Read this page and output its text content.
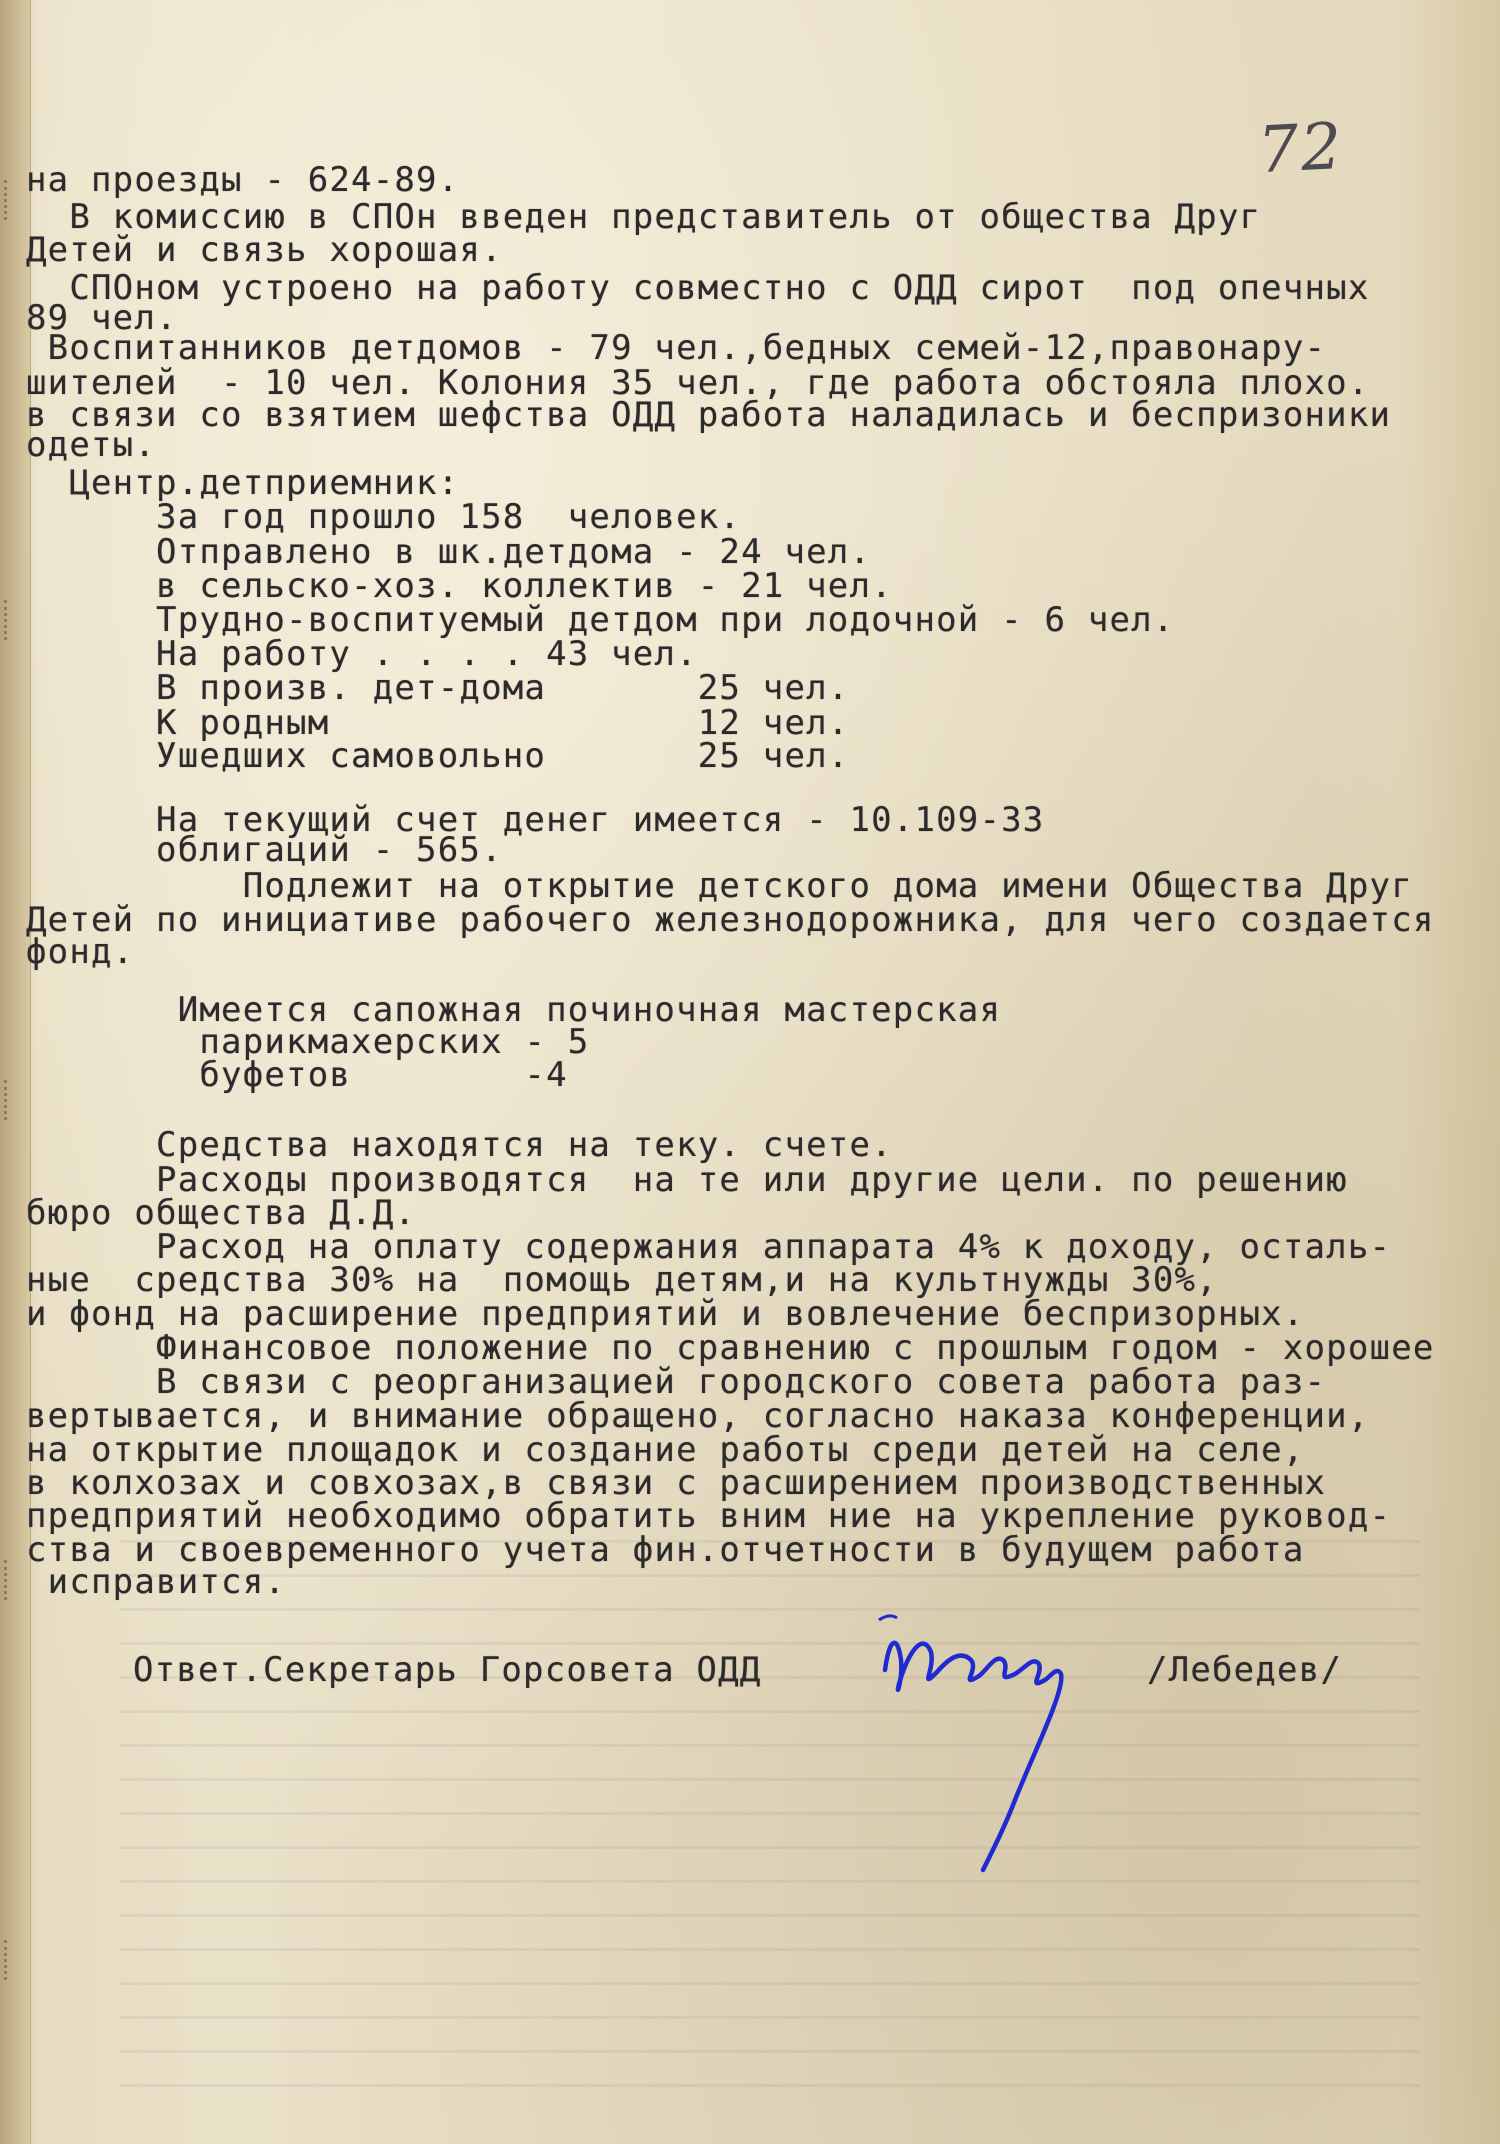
72
на проезды - 624-89.
В комиссию в СПОн введен представитель от общества Друг
Детей и связь хорошая.
СПОном устроено на работу совместно с ОДД сирот  под опечных
89 чел.
Воспитанников детдомов - 79 чел.,бедных семей-12,правонару-
шителей  - 10 чел. Колония 35 чел., где работа обстояла плохо.
в связи со взятием шефства ОДД работа наладилась и беспризоники
одеты.
Центр.детприемник:
За год прошло 158  человек.
Отправлено в шк.детдома - 24 чел.
в сельско-хоз. коллектив - 21 чел.
Трудно-воспитуемый детдом при лодочной - 6 чел.
На работу . . . . 43 чел.
В произв. дет-дома       25 чел.
К родным                 12 чел.
Ушедших самовольно       25 чел.
На текущий счет денег имеется - 10.109-33
облигаций - 565.
Подлежит на открытие детского дома имени Общества Друг
Детей по инициативе рабочего железнодорожника, для чего создается
фонд.
Имеется сапожная починочная мастерская
парикмахерских - 5
буфетов        -4
Средства находятся на теку. счете.
Расходы производятся  на те или другие цели. по решению
бюро общества Д.Д.
Расход на оплату содержания аппарата 4% к доходу, осталь-
ные  средства 30% на  помощь детям,и на культнужды 30%,
и фонд на расширение предприятий и вовлечение беспризорных.
Финансовое положение по сравнению с прошлым годом - хорошее
В связи с реорганизацией городского совета работа раз-
вертывается, и внимание обращено, согласно наказа конференции,
на открытие площадок и создание работы среди детей на селе,
в колхозах и совхозах,в связи с расширением производственных
предприятий необходимо обратить вним ние на укрепление руковод-
ства и своевременного учета фин.отчетности в будущем работа
исправится.
Ответ.Секретарь Горсовета ОДД	/Лебедев/
